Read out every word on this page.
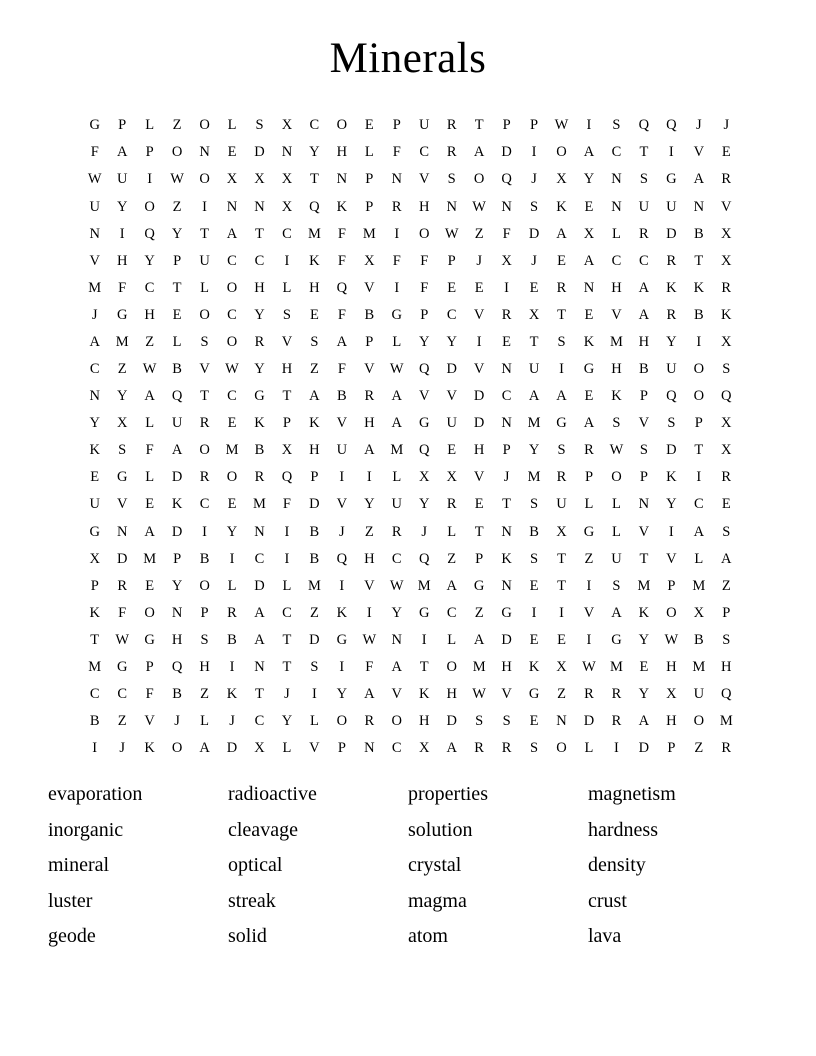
Minerals
G	P	L	Z	O	L	S	X	C	O	E	P	U	R	T	P	P	W	I	S	Q	Q	J	J
F	A	P	O	N	E	D	N	Y	H	L	F	C	R	A	D	I	O	A	C	T	I	V	E
W	U	I	W	O	X	X	X	T	N	P	N	V	S	O	Q	J	X	Y	N	S	G	A	R
U	Y	O	Z	I	N	N	X	Q	K	P	R	H	N	W	N	S	K	E	N	U	U	N	V
N	I	Q	Y	T	A	T	C	M	F	M	I	O	W	Z	F	D	A	X	L	R	D	B	X
V	H	Y	P	U	C	C	I	K	F	X	F	F	P	J	X	J	E	A	C	C	R	T	X
M	F	C	T	L	O	H	L	H	Q	V	I	F	E	E	I	E	R	N	H	A	K	K	R
J	G	H	E	O	C	Y	S	E	F	B	G	P	C	V	R	X	T	E	V	A	R	B	K
A	M	Z	L	S	O	R	V	S	A	P	L	Y	Y	I	E	T	S	K	M	H	Y	I	X
C	Z	W	B	V	W	Y	H	Z	F	V	W	Q	D	V	N	U	I	G	H	B	U	O	S
N	Y	A	Q	T	C	G	T	A	B	R	A	V	V	D	C	A	A	E	K	P	Q	O	Q
Y	X	L	U	R	E	K	P	K	V	H	A	G	U	D	N	M	G	A	S	V	S	P	X
K	S	F	A	O	M	B	X	H	U	A	M	Q	E	H	P	Y	S	R	W	S	D	T	X
E	G	L	D	R	O	R	Q	P	I	I	L	X	X	V	J	M	R	P	O	P	K	I	R
U	V	E	K	C	E	M	F	D	V	Y	U	Y	R	E	T	S	U	L	L	N	Y	C	E
G	N	A	D	I	Y	N	I	B	J	Z	R	J	L	T	N	B	X	G	L	V	I	A	S
X	D	M	P	B	I	C	I	B	Q	H	C	Q	Z	P	K	S	T	Z	U	T	V	L	A
P	R	E	Y	O	L	D	L	M	I	V	W M	A	G	N	E	T	I	S	M	P	M	Z
K	F	O	N	P	R	A	C	Z	K	I	Y	G	C	Z	G	I	I	V	A	K	O	X	P
T	W	G	H	S	B	A	T	D	G	W	N	I	L	A	D	E	E	I	G	Y	W	B	S
M	G	P	Q	H	I	N	T	S	I	F	A	T	O	M	H	K	X	W M	E	H	M	H
C	C	F	B	Z	K	T	J	I	Y	A	V	K	H	W	V	G	Z	R	R	Y	X	U	Q
B	Z	V	J	L	J	C	Y	L	O	R	O	H	D	S	S	E	N	D	R	A	H	O	M
I	J	K	O	A	D	X	L	V	P	N	C	X	A	R	R	S	O	L	I	D	P	Z	R
evaporation
inorganic
mineral
luster
geode
radioactive
cleavage
optical
streak
solid
properties
solution
crystal
magma
atom
magnetism
hardness
density
crust
lava
